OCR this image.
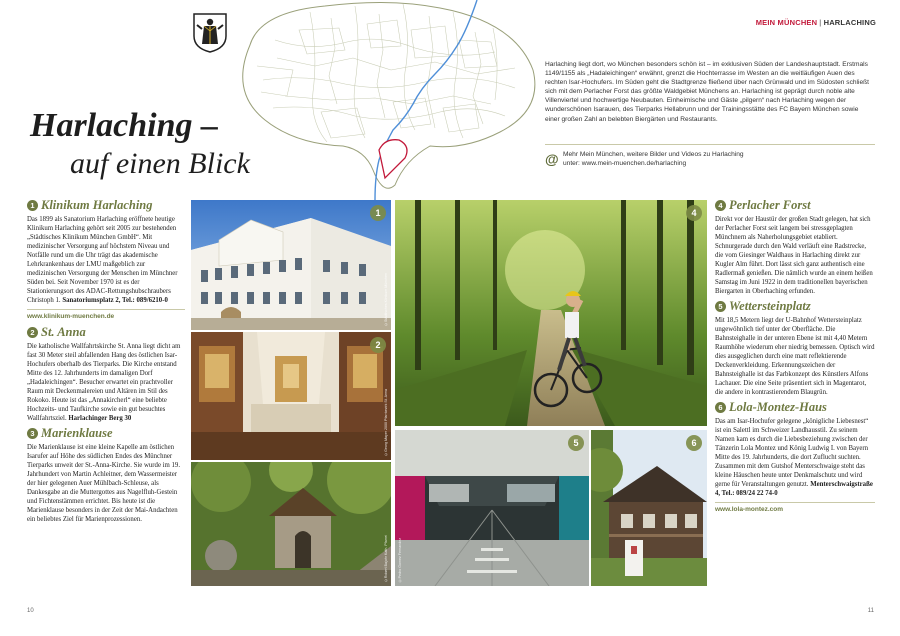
MEIN MÜNCHEN | HARLACHING
Harlaching –
auf einen Blick
Harlaching liegt dort, wo München besonders schön ist – im exklusiven Süden der Landeshauptstadt. Erstmals 1149/1155 als „Hadaleichingen“ erwähnt, grenzt die Hochterrasse im Westen an die weitläufigen Auen des rechten Isar-Hochufers. Im Süden geht die Stadtgrenze fließend über nach Grünwald und im Südosten schließt sich mit dem Perlacher Forst das größte Waldgebiet Münchens an. Harlaching ist geprägt durch noble alte Villenviertel und hochwertige Neubauten. Einheimische und Gäste „pilgern“ nach Harlaching wegen der wunderschönen Isarauen, des Tierparks Hellabrunn und der Trainingsstätte des FC Bayern München sowie einer großen Zahl an belebten Biergärten und Restaurants.
@ Mehr Mein München, weitere Bilder und Videos zu Harlaching
unter: www.mein-muenchen.de/harlaching
1 Klinikum Harlaching
Das 1899 als Sanatorium Harlaching eröffnete heutige Klinikum Harlaching gehört seit 2005 zur bestehenden „Städtisches Klinikum München GmbH“. Mit medizinischer Versorgung auf höchstem Niveau und Notfälle rund um die Uhr trägt das akademische Lehrkrankenhaus der LMU maßgeblich zur medizinischen Versorgung der Menschen im Münchner Süden bei. Seit November 1970 ist es der Stationierungsort des ADAC-Rettungshubschraubers Christoph 1. Sanatoriumsplatz 2, Tel.: 089/6210-0
www.klinikum-muenchen.de
2 St. Anna
Die katholische Wallfahrtskirche St. Anna liegt dicht am fast 30 Meter steil abfallenden Hang des östlichen Isar-Hochufers oberhalb des Tierparks. Die Kirche entstand Mitte des 12. Jahrhunderts im damaligen Dorf „Hadaleichingen“. Besucher erwartet ein prachtvoller Raum mit Deckenmalereien und Altären im Stil des Rokoko. Heute ist das „Annakircherl“ eine beliebte Hochzeits- und Taufkirche sowie ein gut besuchtes Wallfahrtsziel. Harlachinger Berg 30
3 Marienklause
Die Marienklause ist eine kleine Kapelle am östlichen Isarufer auf Höhe des südlichen Endes des Münchner Tierparks unweit der St.-Anna-Kirche. Sie wurde im 19. Jahrhundert von Martin Achleitner, dem Wassermeister der hier gelegenen Auer Mühlbach-Schleuse, als Dankesgabe an die Muttergottes aus Nagelfluh-Gestein und Fichtenstämmen errichtet. Bis heute ist die Marienklause besonders in der Zeit der Mai-Andachten ein beliebtes Ziel für Marienprozessionen.
4 Perlacher Forst
Direkt vor der Haustür der großen Stadt gelegen, hat sich der Perlacher Forst seit langem bei stressgeplagten Münchnern als Naherholungsgebiet etabliert. Schnurgerade durch den Wald verläuft eine Radstrecke, die vom Giesinger Waldhaus in Harlaching direkt zur Kugler Alm führt. Dort lässt sich ganz authentisch eine Radlermaß genießen. Die nämlich wurde an einem heißen Samstag im Juni 1922 in dem traditionellen bayerischen Biergarten in Oberhaching erfunden.
5 Wettersteinplatz
Mit 18,5 Metern liegt der U-Bahnhof Wettersteinplatz ungewöhnlich tief unter der Oberfläche. Die Bahnsteighalle in der unteren Ebene ist mit 4,40 Metern Raumhöhe wiederum eher niedrig bemessen. Optisch wird dies ausgeglichen durch eine matt reflektierende Deckenverkleidung. Erkennungszeichen der Bahnsteighalle ist das Farbkonzept des Künstlers Alfons Lachauer. Die eine Seite präsentiert sich in Magentarot, die andere in kontrastierendem Blaugrün.
6 Lola-Montez-Haus
Das am Isar-Hochufer gelegene „königliche Liebesnest“ ist ein Salettl im Schweizer Landhausstil. Zu seinem Namen kam es durch die Liebesbeziehung zwischen der Tänzerin Lola Montez und König Ludwig I. von Bayern Mitte des 19. Jahrhunderts, die dort Zuflucht suchten. Zusammen mit dem Gutshof Menterschwaige steht das kleine Häuschen heute unter Denkmalschutz und wird gerne für Veranstaltungen genutzt. Menterschwaigstraße 4, Tel.: 089/24 22 74-0
www.lola-montez.com
1
©Städtisches Klinikum München
2
©Georg Mayer 2000 Pfarrbezirk St. Anna
©Robert Bajohr Kath. Pfarrei
4
5
©Pedro Gomez Fernandez
6
10	11
